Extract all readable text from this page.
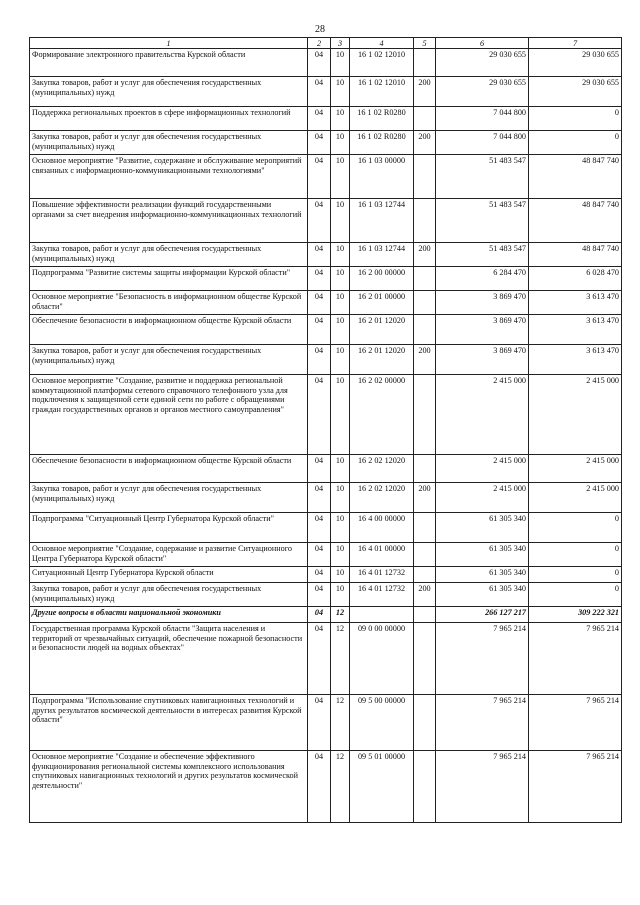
28
1	2	3	4	5	6	7
Формирование электронного правительства Курской области	04	10	16 1 02 12010		29 030 655	29 030 655
Закупка товаров, работ и услуг для обеспечения государственных (муниципальных) нужд	04	10	16 1 02 12010	200	29 030 655	29 030 655
Поддержка региональных проектов в сфере информационных технологий	04	10	16 1 02 R0280		7 044 800	0
Закупка товаров, работ и услуг для обеспечения государственных (муниципальных) нужд	04	10	16 1 02 R0280	200	7 044 800	0
Основное мероприятие "Развитие, содержание и обслуживание мероприятий связанных с информационно-коммуникационными технологиями"	04	10	16 1 03 00000		51 483 547	48 847 740
Повышение эффективности реализации функций государственными органами за счет внедрения информационно-коммуникационных технологий	04	10	16 1 03 12744		51 483 547	48 847 740
Закупка товаров, работ и услуг для обеспечения государственных (муниципальных) нужд	04	10	16 1 03 12744	200	51 483 547	48 847 740
Подпрограмма "Развитие системы защиты информации Курской области"	04	10	16 2 00 00000		6 284 470	6 028 470
Основное мероприятие "Безопасность в информационном обществе Курской области"	04	10	16 2 01 00000		3 869 470	3 613 470
Обеспечение безопасности в информационном обществе Курской области	04	10	16 2 01 12020		3 869 470	3 613 470
Закупка товаров, работ и услуг для обеспечения государственных (муниципальных) нужд	04	10	16 2 01 12020	200	3 869 470	3 613 470
Основное мероприятие "Создание, развитие и поддержка региональной коммутационной платформы сетевого справочного телефонного узла для подключения к защищенной сети единой сети по работе с обращениями граждан государственных органов и органов местного самоуправления"	04	10	16 2 02 00000		2 415 000	2 415 000
Обеспечение безопасности в информационном обществе Курской области	04	10	16 2 02 12020		2 415 000	2 415 000
Закупка товаров, работ и услуг для обеспечения государственных (муниципальных) нужд	04	10	16 2 02 12020	200	2 415 000	2 415 000
Подпрограмма "Ситуационный Центр Губернатора Курской области"	04	10	16 4 00 00000		61 305 340	0
Основное мероприятие "Создание, содержание и развитие Ситуационного Центра Губернатора Курской области"	04	10	16 4 01 00000		61 305 340	0
Ситуационный Центр Губернатора Курской области	04	10	16 4 01 12732		61 305 340	0
Закупка товаров, работ и услуг для обеспечения государственных (муниципальных) нужд	04	10	16 4 01 12732	200	61 305 340	0
Другие вопросы в области национальной экономики	04	12			266 127 217	309 222 321
Государственная программа Курской области "Защита населения и территорий от чрезвычайных ситуаций, обеспечение пожарной безопасности и безопасности людей на водных объектах"	04	12	09 0 00 00000		7 965 214	7 965 214
Подпрограмма "Использование спутниковых навигационных технологий и других результатов космической деятельности в интересах развития Курской области"	04	12	09 5 00 00000		7 965 214	7 965 214
Основное мероприятие "Создание и обеспечение эффективного функционирования региональной системы комплексного использования спутниковых навигационных технологий и других результатов космической деятельности"	04	12	09 5 01 00000		7 965 214	7 965 214
